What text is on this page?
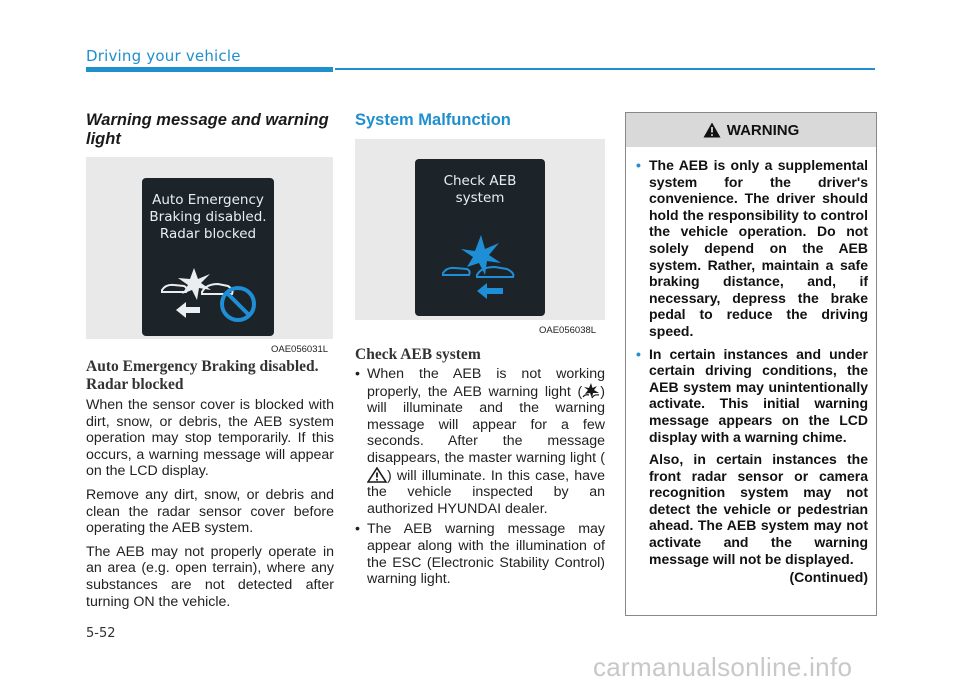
Driving your vehicle
Warning message and warning light
Auto Emergency
Braking disabled.
Radar blocked
OAE056031L
Auto Emergency Braking disabled.
Radar blocked

When the sensor cover is blocked with dirt, snow, or debris, the AEB system operation may stop temporarily. If this occurs, a warning message will appear on the LCD display.

Remove any dirt, snow, or debris and clean the radar sensor cover before operating the AEB system.

The AEB may not properly operate in an area (e.g. open terrain), where any substances are not detected after turning ON the vehicle.

System Malfunction
Check AEB
system
OAE056038L
Check AEB system
• When the AEB is not working properly, the AEB warning light ( ) will illuminate and the warning message will appear for a few seconds. After the message disappears, the master warning light () will illuminate. In this case, have the vehicle inspected by an authorized HYUNDAI dealer.
• The AEB warning message may appear along with the illumination of the ESC (Electronic Stability Control) warning light.
WARNING
• The AEB is only a supplemental system for the driver's convenience. The driver should hold the responsibility to control the vehicle operation. Do not solely depend on the AEB system. Rather, maintain a safe braking distance, and, if necessary, depress the brake pedal to reduce the driving speed.
• In certain instances and under certain driving conditions, the AEB system may unintentionally activate. This initial warning message appears on the LCD display with a warning chime.

Also, in certain instances the front radar sensor or camera recognition system may not detect the vehicle or pedestrian ahead. The AEB system may not activate and the warning message will not be displayed.

(Continued)
5-52
carmanualsonline.info
